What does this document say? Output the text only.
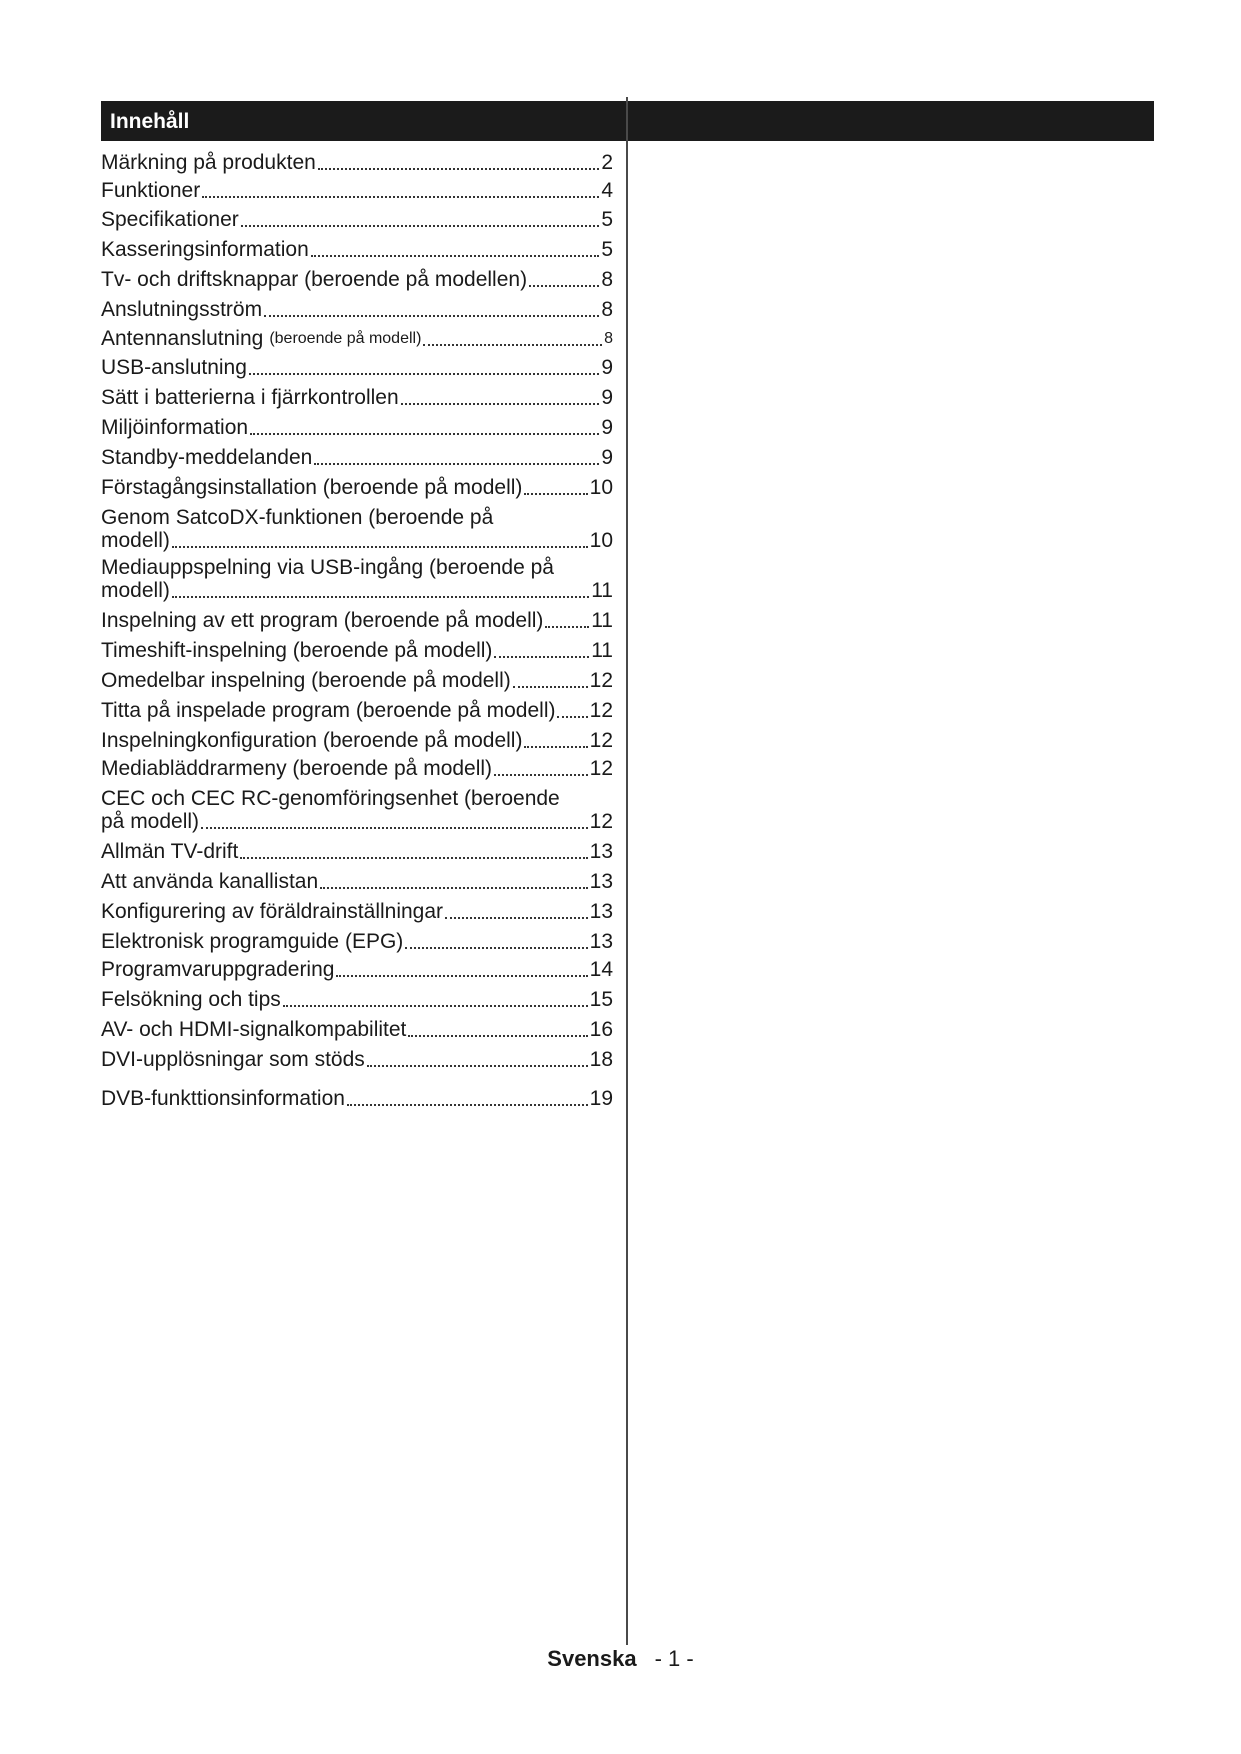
Innehåll
Märkning på produkten	2
Funktioner	4
Specifikationer	5
Kasseringsinformation	5
Tv- och driftsknappar (beroende på modellen)	8
Anslutningsström	8
Antennanslutning (beroende på modell)	8
USB-anslutning	9
Sätt i batterierna i fjärrkontrollen	9
Miljöinformation	9
Standby-meddelanden	9
Förstagångsinstallation (beroende på modell)	10
Genom SatcoDX-funktionen (beroende på
modell)	10
Mediauppspelning via USB-ingång (beroende på
modell)	11
Inspelning av ett program (beroende på modell) 11
Timeshift-inspelning (beroende på modell)	11
Omedelbar inspelning (beroende på modell)	12
Titta på inspelade program (beroende på modell) 12
Inspelningkonfiguration (beroende på modell)	12
Mediabläddrarmeny (beroende på modell)	12
CEC och CEC RC-genomföringsenhet (beroende
på modell)	12
Allmän TV-drift	13
Att använda kanallistan	13
Konfigurering av föräldrainställningar	13
Elektronisk programguide (EPG)	13
Programvaruppgradering	14
Felsökning och tips	15
AV- och HDMI-signalkompabilitet	16
DVI-upplösningar som stöds	18
DVB-funkttionsinformation	19
Svenska - 1 -
